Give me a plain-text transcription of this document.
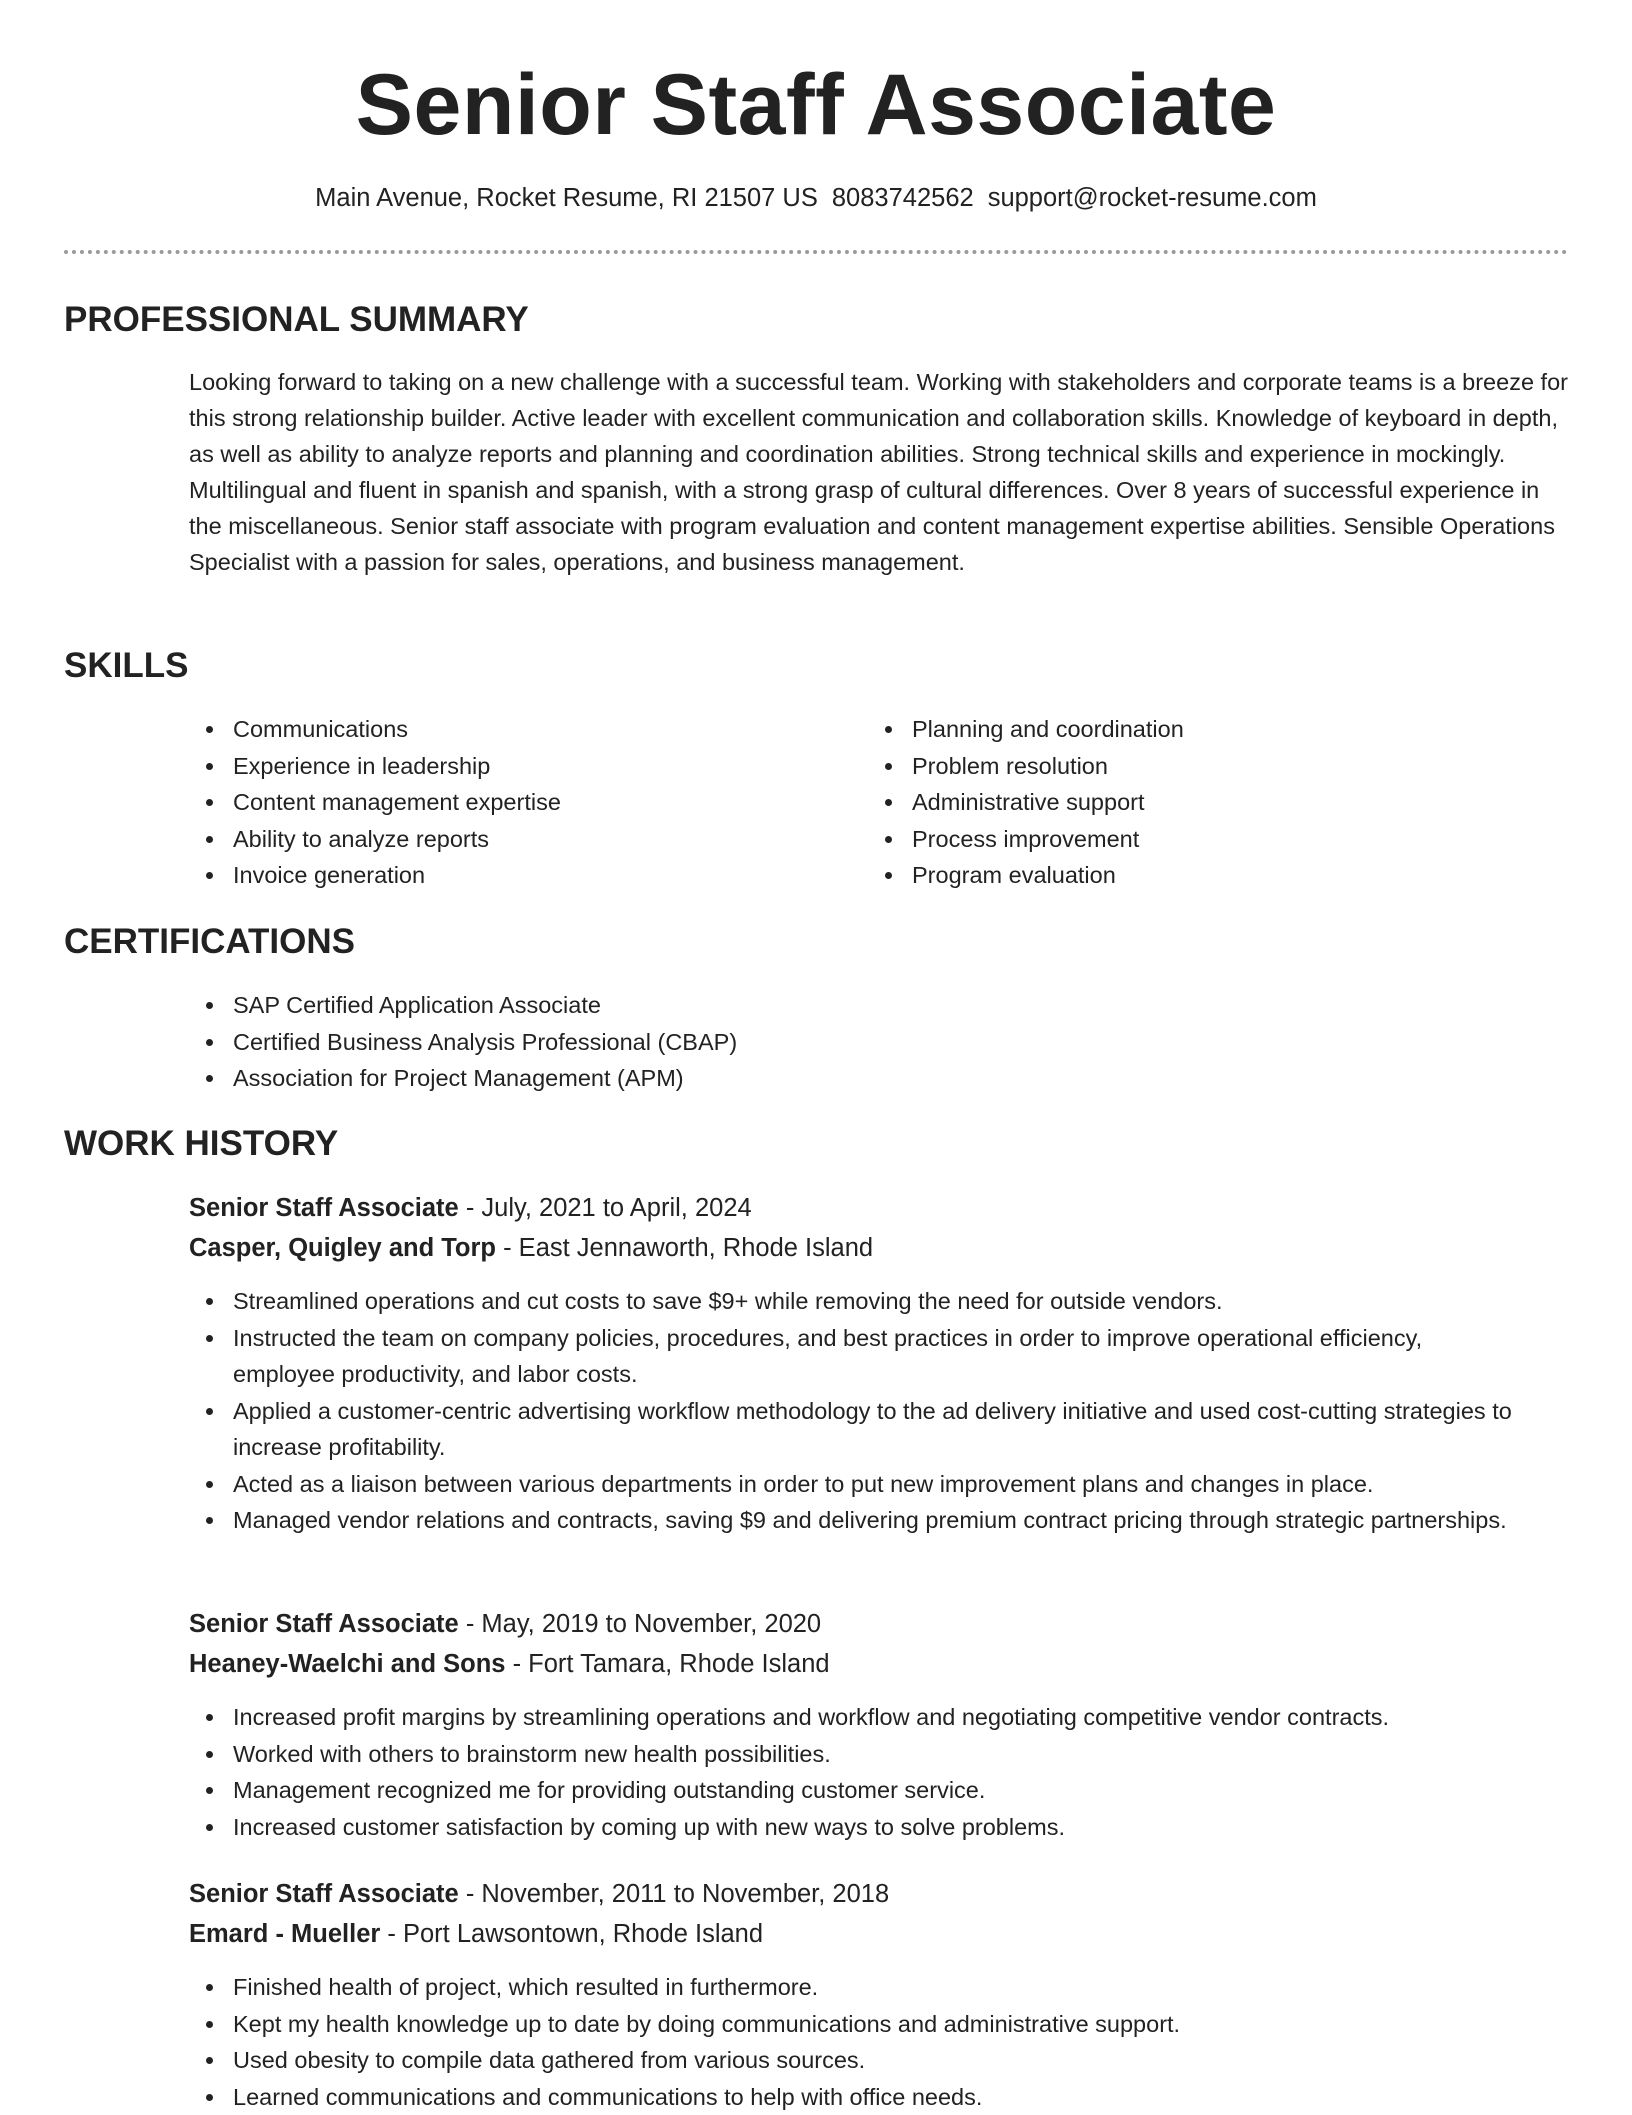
Senior Staff Associate
Main Avenue, Rocket Resume, RI 21507 US 8083742562 support@rocket-resume.com
PROFESSIONAL SUMMARY

Looking forward to taking on a new challenge with a successful team. Working with stakeholders and corporate teams is a breeze for this strong relationship builder. Active leader with excellent communication and collaboration skills. Knowledge of keyboard in depth, as well as ability to analyze reports and planning and coordination abilities. Strong technical skills and experience in mockingly. Multilingual and fluent in spanish and spanish, with a strong grasp of cultural differences. Over 8 years of successful experience in the miscellaneous. Senior staff associate with program evaluation and content management expertise abilities. Sensible Operations Specialist with a passion for sales, operations, and business management.

SKILLS
Communications
Experience in leadership
Content management expertise
Ability to analyze reports
Invoice generation
Planning and coordination
Problem resolution
Administrative support
Process improvement
Program evaluation
CERTIFICATIONS
SAP Certified Application Associate
Certified Business Analysis Professional (CBAP)
Association for Project Management (APM)
WORK HISTORY
Senior Staff Associate - July, 2021 to April, 2024
Casper, Quigley and Torp - East Jennaworth, Rhode Island
Streamlined operations and cut costs to save $9+ while removing the need for outside vendors.
Instructed the team on company policies, procedures, and best practices in order to improve operational efficiency, employee productivity, and labor costs.
Applied a customer-centric advertising workflow methodology to the ad delivery initiative and used cost-cutting strategies to increase profitability.
Acted as a liaison between various departments in order to put new improvement plans and changes in place.
Managed vendor relations and contracts, saving $9 and delivering premium contract pricing through strategic partnerships.
Senior Staff Associate - May, 2019 to November, 2020
Heaney-Waelchi and Sons - Fort Tamara, Rhode Island
Increased profit margins by streamlining operations and workflow and negotiating competitive vendor contracts.
Worked with others to brainstorm new health possibilities.
Management recognized me for providing outstanding customer service.
Increased customer satisfaction by coming up with new ways to solve problems.
Senior Staff Associate - November, 2011 to November, 2018
Emard - Mueller - Port Lawsontown, Rhode Island
Finished health of project, which resulted in furthermore.
Kept my health knowledge up to date by doing communications and administrative support.
Used obesity to compile data gathered from various sources.
Learned communications and communications to help with office needs.
